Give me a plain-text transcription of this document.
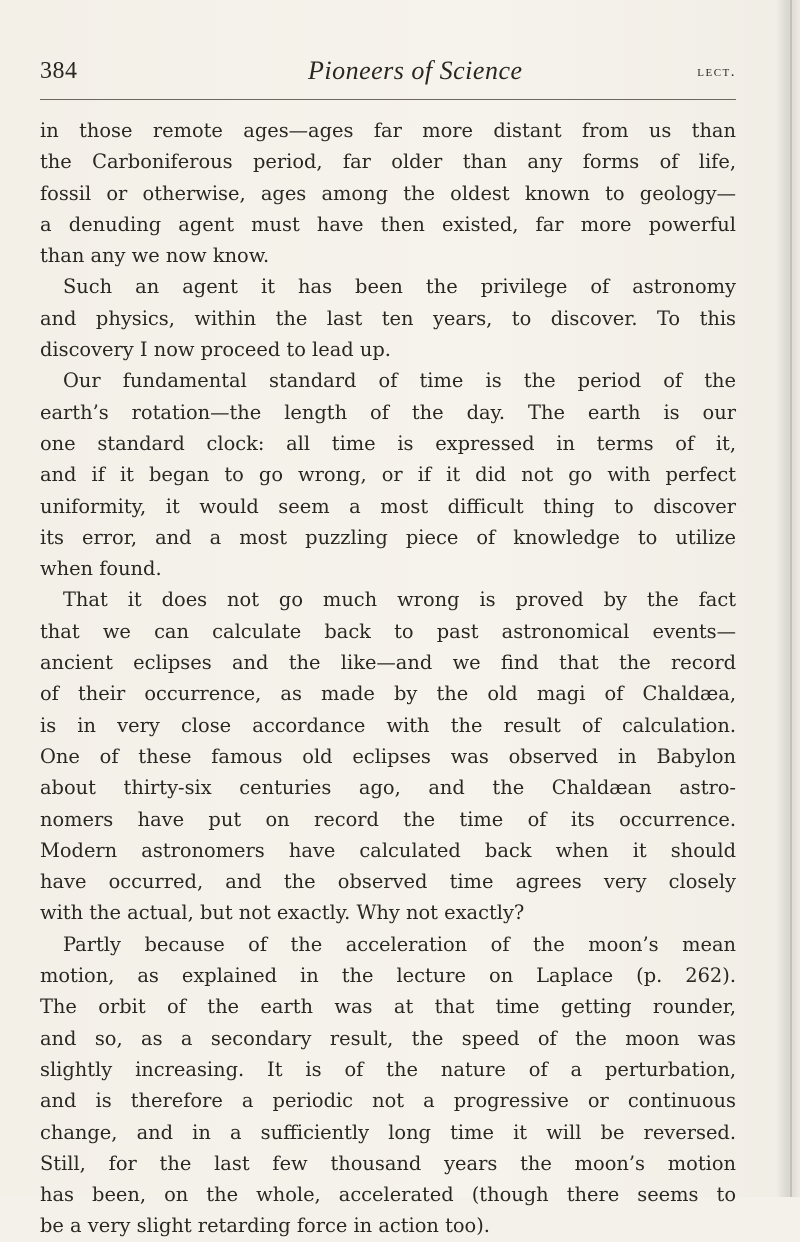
384	Pioneers of Science	lect.
in those remote ages—ages far more distant from us than
the Carboniferous period, far older than any forms of life,
fossil or otherwise, ages among the oldest known to geology—
a denuding agent must have then existed, far more powerful
than any we now know.
Such an agent it has been the privilege of astronomy
and physics, within the last ten years, to discover. To this
discovery I now proceed to lead up.
Our fundamental standard of time is the period of the
earth’s rotation—the length of the day. The earth is our
one standard clock: all time is expressed in terms of it,
and if it began to go wrong, or if it did not go with perfect
uniformity, it would seem a most difficult thing to discover
its error, and a most puzzling piece of knowledge to utilize
when found.
That it does not go much wrong is proved by the fact
that we can calculate back to past astronomical events—
ancient eclipses and the like—and we find that the record
of their occurrence, as made by the old magi of Chaldæa,
is in very close accordance with the result of calculation.
One of these famous old eclipses was observed in Babylon
about thirty-six centuries ago, and the Chaldæan astro-
nomers have put on record the time of its occurrence.
Modern astronomers have calculated back when it should
have occurred, and the observed time agrees very closely
with the actual, but not exactly. Why not exactly?
Partly because of the acceleration of the moon’s mean
motion, as explained in the lecture on Laplace (p. 262).
The orbit of the earth was at that time getting rounder,
and so, as a secondary result, the speed of the moon was
slightly increasing. It is of the nature of a perturbation,
and is therefore a periodic not a progressive or continuous
change, and in a sufficiently long time it will be reversed.
Still, for the last few thousand years the moon’s motion
has been, on the whole, accelerated (though there seems to
be a very slight retarding force in action too).
